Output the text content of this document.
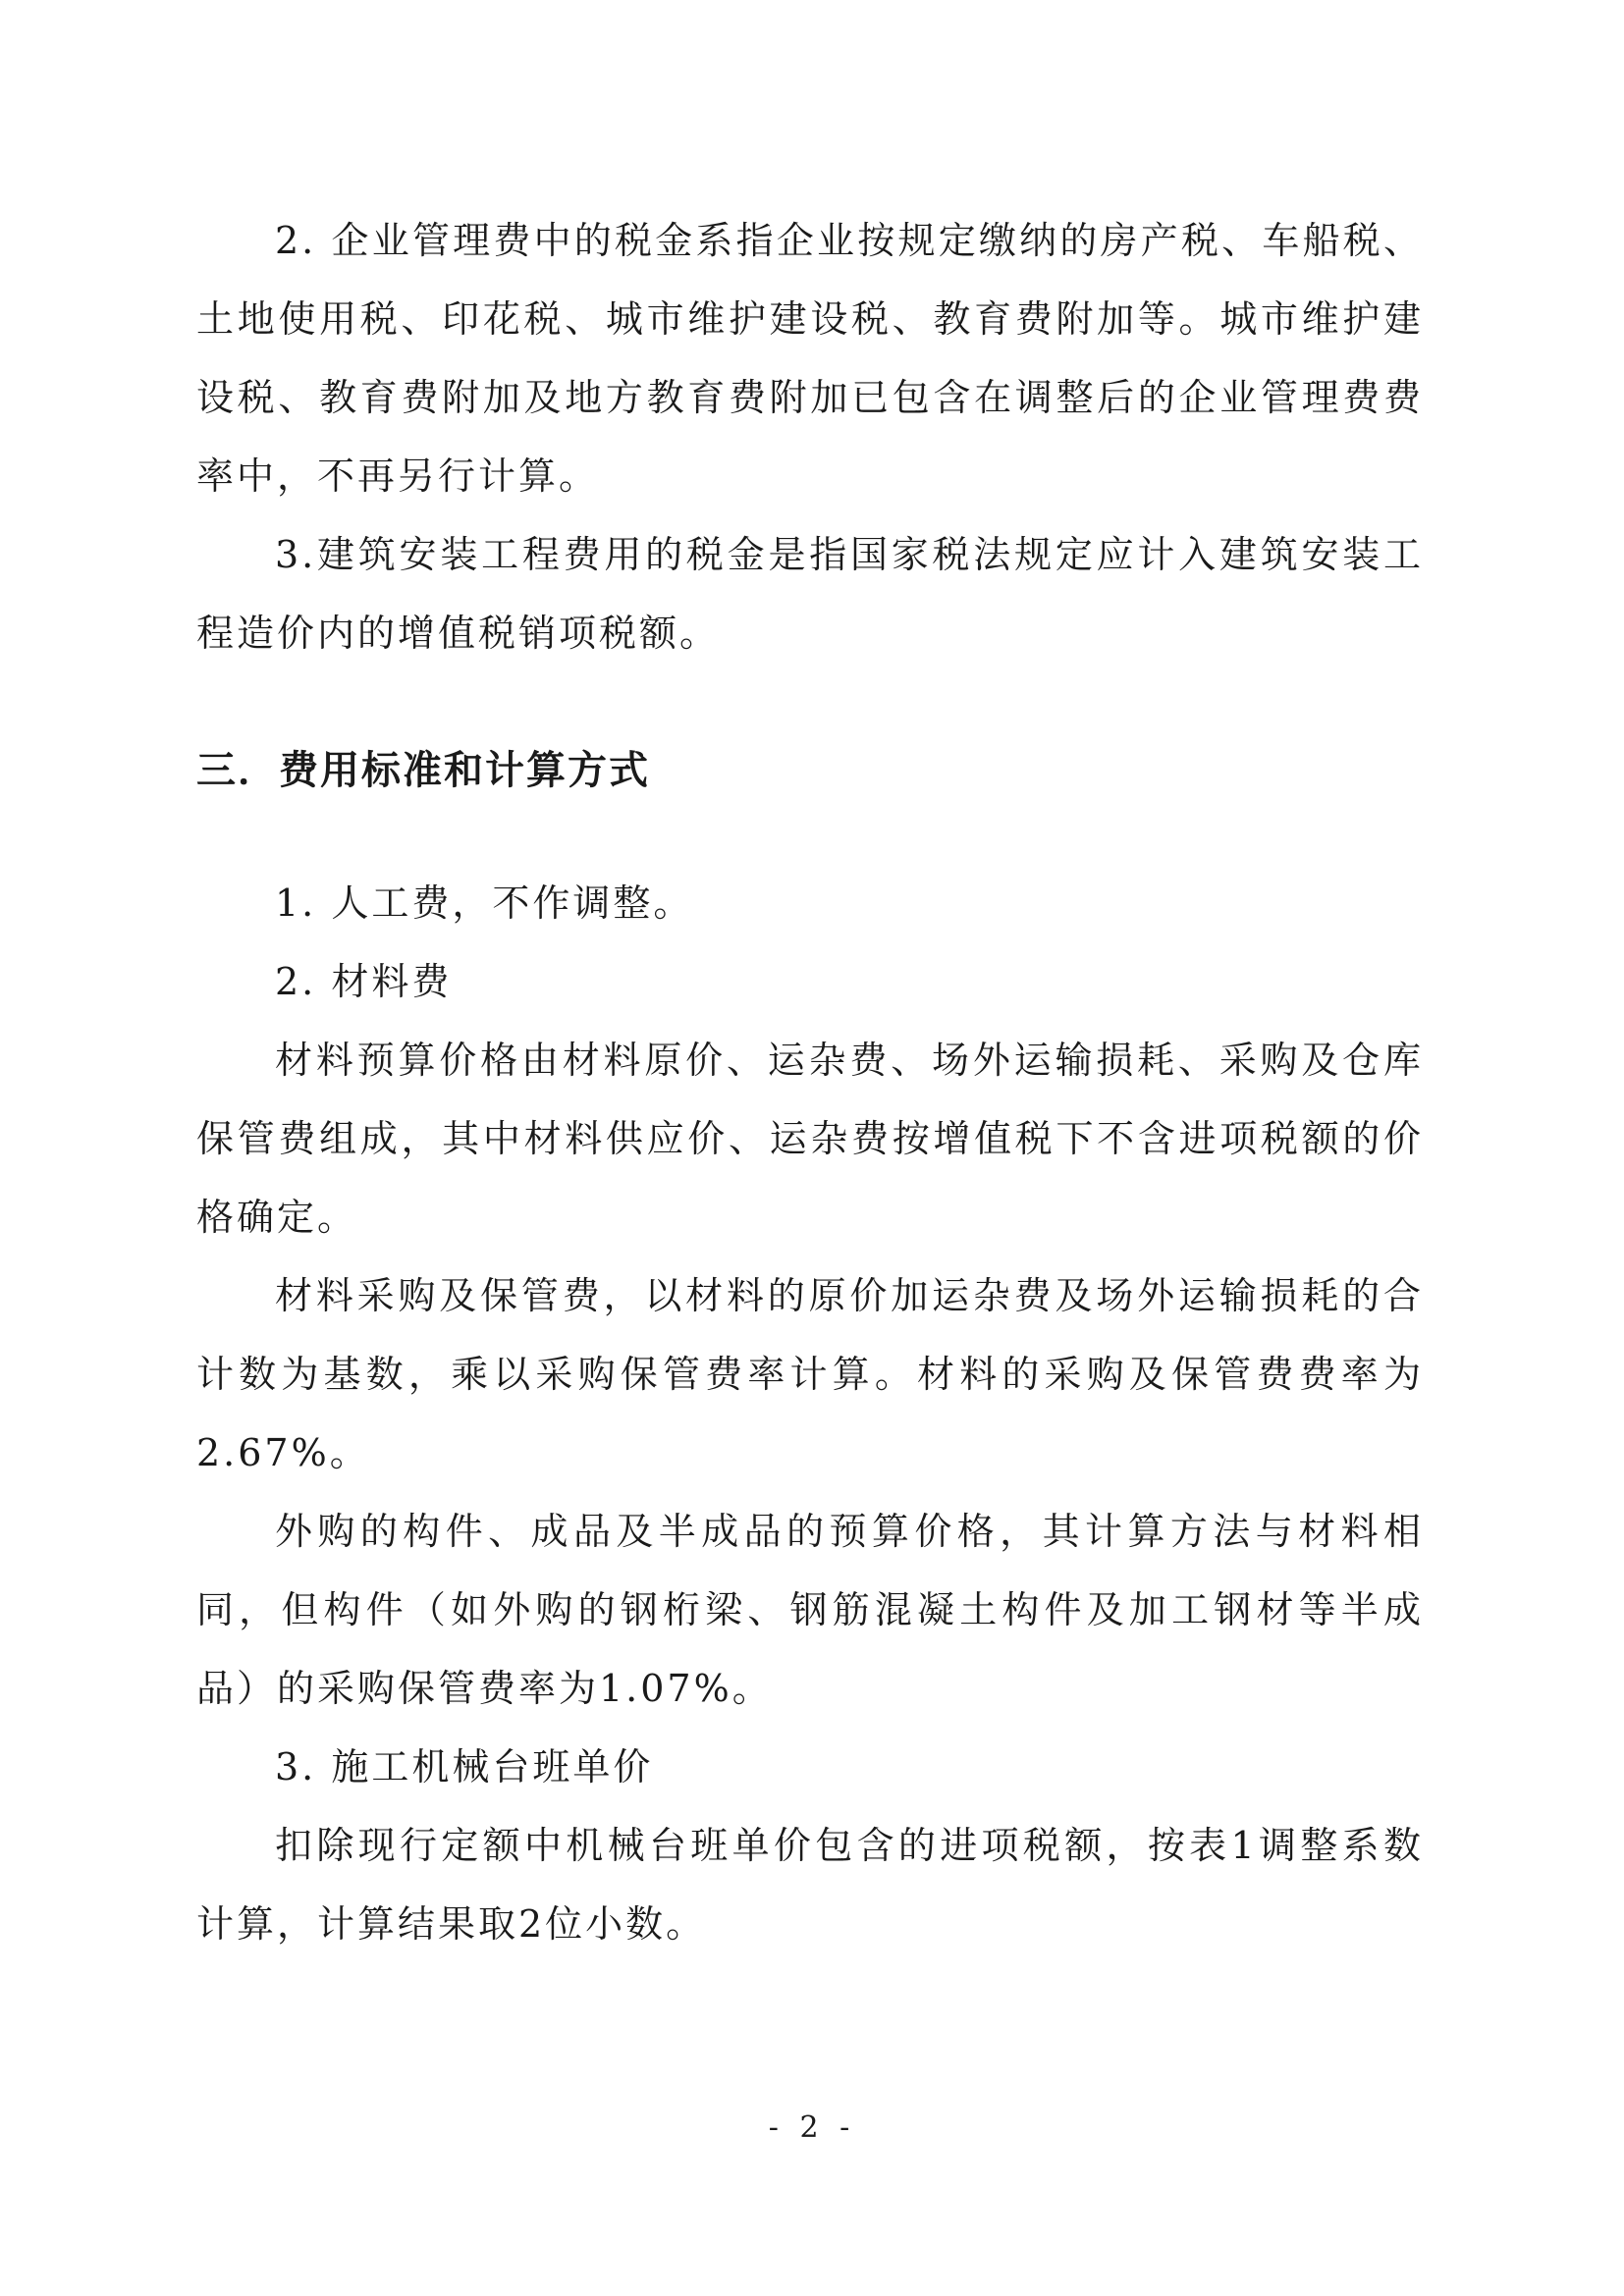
2. 企业管理费中的税金系指企业按规定缴纳的房产税、车船税、土地使用税、印花税、城市维护建设税、教育费附加等。城市维护建设税、教育费附加及地方教育费附加已包含在调整后的企业管理费费率中，不再另行计算。

3.建筑安装工程费用的税金是指国家税法规定应计入建筑安装工程造价内的增值税销项税额。

三．费用标准和计算方式

1. 人工费，不作调整。

2. 材料费

材料预算价格由材料原价、运杂费、场外运输损耗、采购及仓库保管费组成，其中材料供应价、运杂费按增值税下不含进项税额的价格确定。

材料采购及保管费，以材料的原价加运杂费及场外运输损耗的合计数为基数，乘以采购保管费率计算。材料的采购及保管费费率为2.67%。

外购的构件、成品及半成品的预算价格，其计算方法与材料相同，但构件（如外购的钢桁梁、钢筋混凝土构件及加工钢材等半成品）的采购保管费率为1.07%。

3. 施工机械台班单价

扣除现行定额中机械台班单价包含的进项税额，按表1调整系数计算，计算结果取2位小数。

- 2 -
